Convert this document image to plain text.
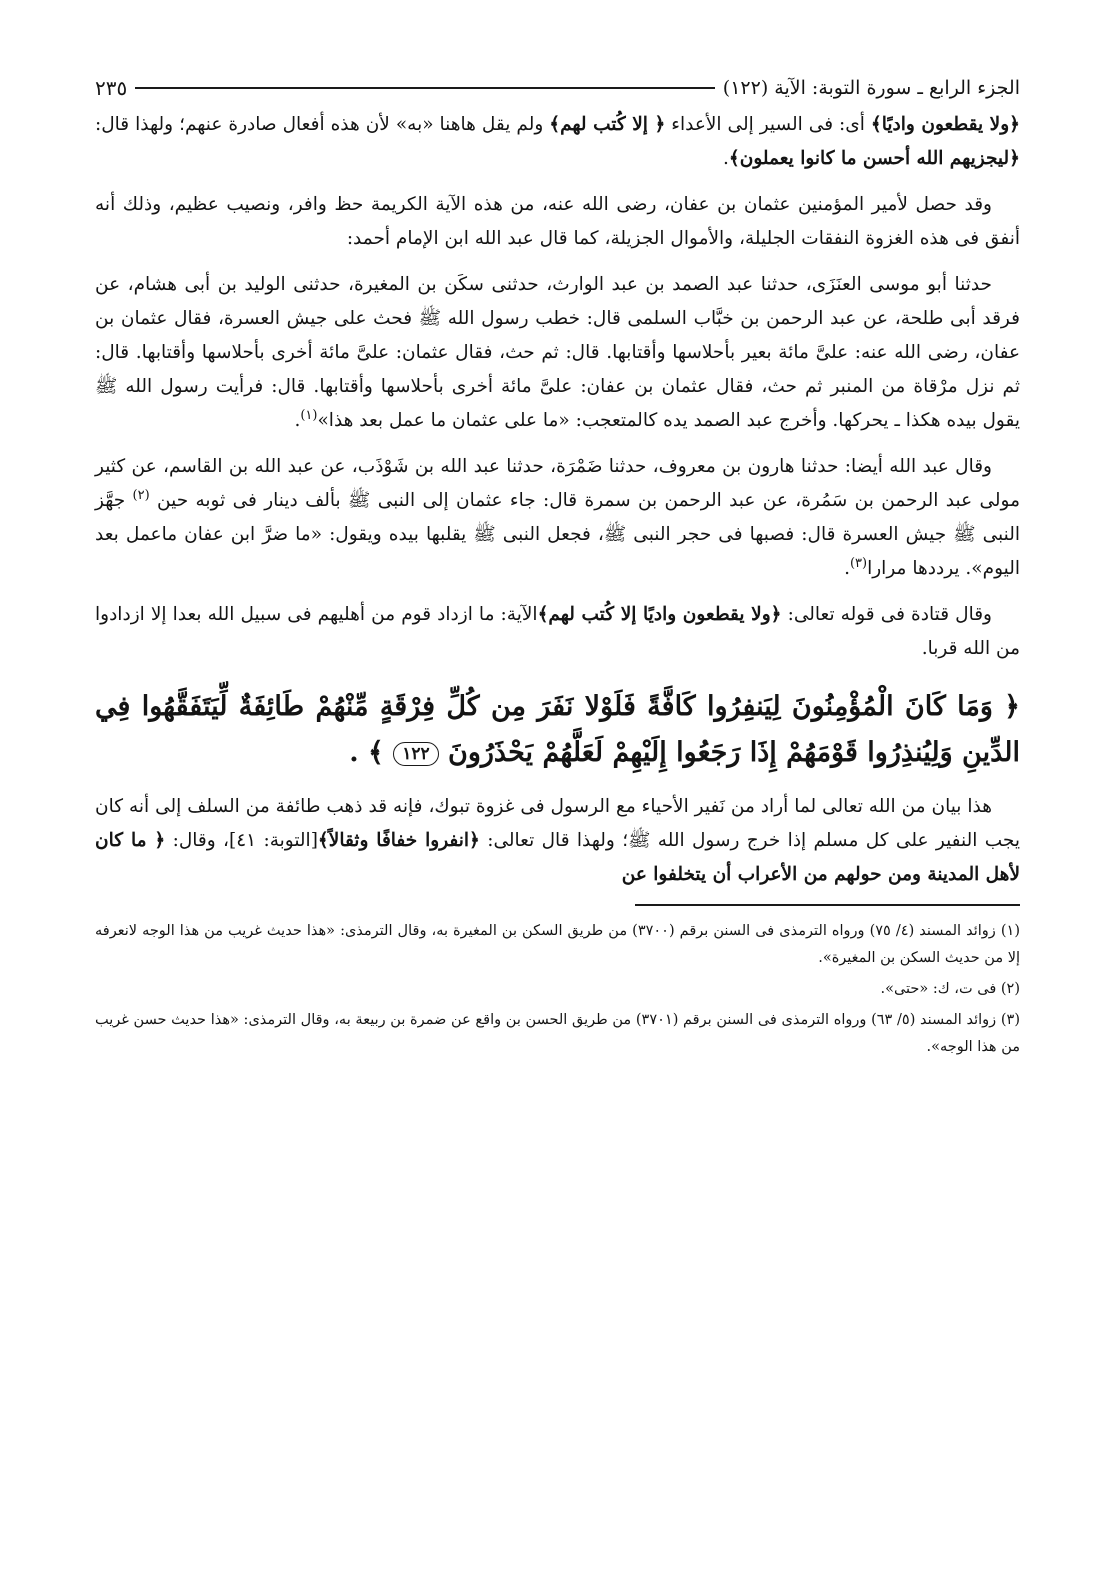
الجزء الرابع ـ سورة التوبة: الآية (١٢٢)
٢٣٥

﴿ولا يقطعون واديًا﴾ أى: فى السير إلى الأعداء ﴿ إلا كُتب لهم﴾ ولم يقل هاهنا «به» لأن هذه أفعال صادرة عنهم؛ ولهذا قال: ﴿ليجزيهم الله أحسن ما كانوا يعملون﴾.

وقد حصل لأمير المؤمنين عثمان بن عفان، رضى الله عنه، من هذه الآية الكريمة حظ وافر، ونصيب عظيم، وذلك أنه أنفق فى هذه الغزوة النفقات الجليلة، والأموال الجزيلة، كما قال عبد الله ابن الإمام أحمد:

حدثنا أبو موسى العنَزَى، حدثنا عبد الصمد بن عبد الوارث، حدثنى سكَن بن المغيرة، حدثنى الوليد بن أبى هشام، عن فرقد أبى طلحة، عن عبد الرحمن بن خبَّاب السلمى قال: خطب رسول الله ﷺ فحث على جيش العسرة، فقال عثمان بن عفان، رضى الله عنه: علىَّ مائة بعير بأحلاسها وأقتابها. قال: ثم حث، فقال عثمان: علىَّ مائة أخرى بأحلاسها وأقتابها. قال: ثم نزل مرْقاة من المنبر ثم حث، فقال عثمان بن عفان: علىَّ مائة أخرى بأحلاسها وأقتابها. قال: فرأيت رسول الله ﷺ يقول بيده هكذا ـ يحركها. وأخرج عبد الصمد يده كالمتعجب: «ما على عثمان ما عمل بعد هذا»$^{(١)}$.

وقال عبد الله أيضا: حدثنا هارون بن معروف، حدثنا ضَمْرَة، حدثنا عبد الله بن شَوْذَب، عن عبد الله بن القاسم، عن كثير مولى عبد الرحمن بن سَمُرة، عن عبد الرحمن بن سمرة قال: جاء عثمان إلى النبى ﷺ بألف دينار فى ثوبه حين $^{(٢)}$ جهَّز النبى ﷺ جيش العسرة قال: فصبها فى حجر النبى ﷺ، فجعل النبى ﷺ يقلبها بيده ويقول: «ما ضرَّ ابن عفان ماعمل بعد اليوم». يرددها مرارا$^{(٣)}$.

وقال قتادة فى قوله تعالى: ﴿ولا يقطعون واديًا إلا كُتب لهم﴾الآية: ما ازداد قوم من أهليهم فى سبيل الله بعدا إلا ازدادوا من الله قربا.

﴿ وَمَا كَانَ الْمُؤْمِنُونَ لِيَنفِرُوا كَافَّةً فَلَوْلا نَفَرَ مِن كُلِّ فِرْقَةٍ مِّنْهُمْ طَائِفَةٌ لِّيَتَفَقَّهُوا فِي الدِّينِ وَلِيُنذِرُوا قَوْمَهُمْ إِذَا رَجَعُوا إِلَيْهِمْ لَعَلَّهُمْ يَحْذَرُونَ ١٢٢ ﴾ .

هذا بيان من الله تعالى لما أراد من نَفير الأحياء مع الرسول فى غزوة تبوك، فإنه قد ذهب طائفة من السلف إلى أنه كان يجب النفير على كل مسلم إذا خرج رسول الله ﷺ؛ ولهذا قال تعالى: ﴿انفروا خفافًا وثقالاً﴾[التوبة: ٤١]، وقال: ﴿ ما كان لأهل المدينة ومن حولهم من الأعراب أن يتخلفوا عن

(١) زوائد المسند (٤/ ٧٥) ورواه الترمذى فى السنن برقم (٣٧٠٠) من طريق السكن بن المغيرة به، وقال الترمذى: «هذا حديث غريب من هذا الوجه لانعرفه إلا من حديث السكن بن المغيرة».

(٢) فى ت، ك: «حتى».

(٣) زوائد المسند (٥/ ٦٣) ورواه الترمذى فى السنن برقم (٣٧٠١) من طريق الحسن بن واقع عن ضمرة بن ربيعة به، وقال الترمذى: «هذا حديث حسن غريب من هذا الوجه».
